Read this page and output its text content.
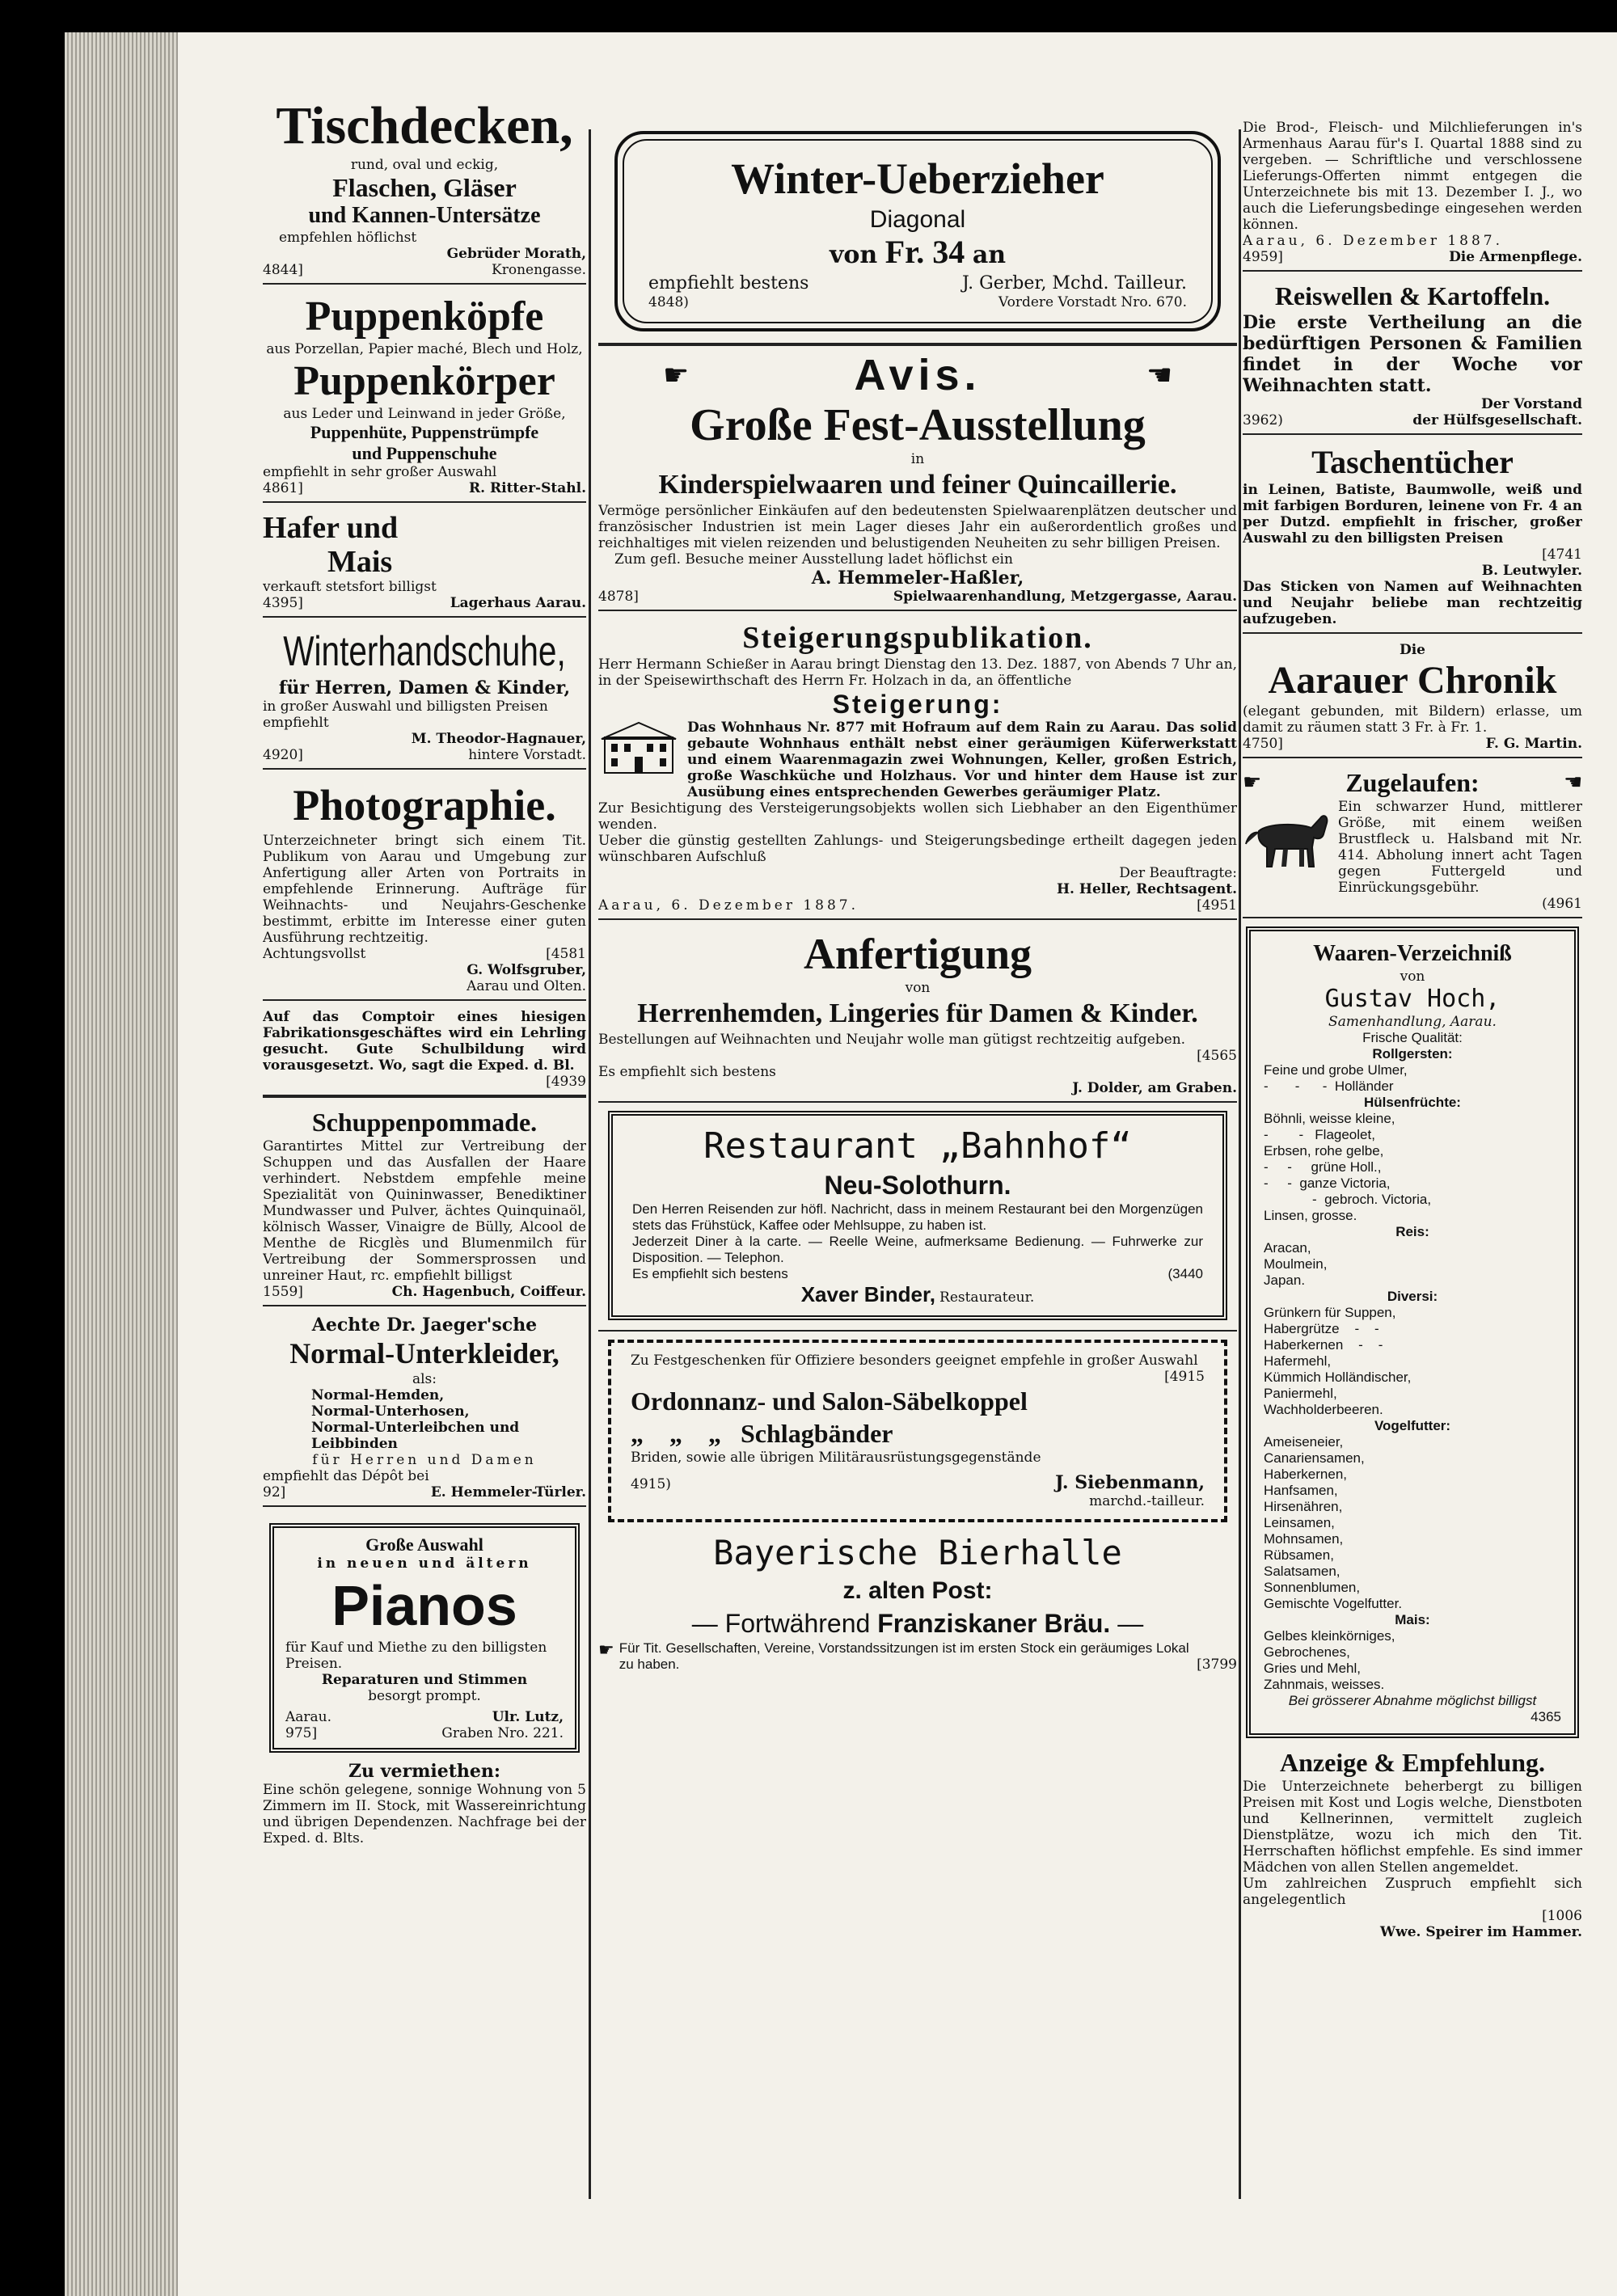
Tischdecken,
rund, oval und eckig,
Flaschen, Gläser
und Kannen-Untersätze
empfehlen höflichst
Gebrüder Morath,
4844]	Kronengasse.
Puppenköpfe
aus Porzellan, Papier maché, Blech und Holz,
Puppenkörper
aus Leder und Leinwand in jeder Größe,
Puppenhüte, Puppenstrümpfe
und Puppenschuhe
empfiehlt in sehr großer Auswahl
4861]	R. Ritter-Stahl.
Hafer und
Mais
verkauft stetsfort billigst
4395]	Lagerhaus Aarau.
Winterhandschuhe,
für Herren, Damen & Kinder,
in großer Auswahl und billigsten Preisen empfiehlt
M. Theodor-Hagnauer,
4920]	hintere Vorstadt.
Photographie.
Unterzeichneter bringt sich einem Tit. Publikum von Aarau und Umgebung zur Anfertigung aller Arten von Portraits in empfehlende Erinnerung. Aufträge für Weihnachts- und Neujahrs-Geschenke bestimmt, erbitte im Interesse einer guten Ausführung rechtzeitig.
Achtungsvollst	[4581
G. Wolfsgruber,
Aarau und Olten.
Auf das Comptoir eines hiesigen Fabrikationsgeschäftes wird ein Lehrling gesucht. Gute Schulbildung wird vorausgesetzt. Wo, sagt die Exped. d. Bl.
[4939
Schuppenpommade.
Garantirtes Mittel zur Vertreibung der Schuppen und das Ausfallen der Haare verhindert. Nebstdem empfehle meine Spezialität von Quininwasser, Benediktiner Mundwasser und Pulver, ächtes Quinquinaöl, kölnisch Wasser, Vinaigre de Bülly, Alcool de Menthe de Ricglès und Blumenmilch für Vertreibung der Sommersprossen und unreiner Haut, rc. empfiehlt billigst
1559]	Ch. Hagenbuch, Coiffeur.
Aechte Dr. Jaeger'sche
Normal-Unterkleider,
als:
Normal-Hemden,
Normal-Unterhosen,
Normal-Unterleibchen und
Leibbinden
für Herren und Damen
empfiehlt das Dépôt bei
92]	E. Hemmeler-Türler.
Große Auswahl
in neuen und ältern
Pianos
für Kauf und Miethe zu den billigsten Preisen.
Reparaturen und Stimmen
besorgt prompt.
Aarau.	Ulr. Lutz,
975]	Graben Nro. 221.
Zu vermiethen:
Eine schön gelegene, sonnige Wohnung von 5 Zimmern im II. Stock, mit Wassereinrichtung und übrigen Dependenzen. Nachfrage bei der Exped. d. Blts.
Winter-Ueberzieher
Diagonal
von Fr. 34 an
empfiehlt bestens	J. Gerber, Mchd. Tailleur.
4848)	Vordere Vorstadt Nro. 670.
☛	Avis.	☛
Große Fest-Ausstellung
in
Kinderspielwaaren und feiner Quincaillerie.
Vermöge persönlicher Einkäufen auf den bedeutensten Spielwaarenplätzen deutscher und französischer Industrien ist mein Lager dieses Jahr ein außerordentlich großes und reichhaltiges mit vielen reizenden und belustigenden Neuheiten zu sehr billigen Preisen.
Zum gefl. Besuche meiner Ausstellung ladet höflichst ein
A. Hemmeler-Haßler,
4878]	Spielwaarenhandlung, Metzgergasse, Aarau.
Steigerungspublikation.
Herr Hermann Schießer in Aarau bringt Dienstag den 13. Dez. 1887, von Abends 7 Uhr an, in der Speisewirthschaft des Herrn Fr. Holzach in da, an öffentliche
Steigerung:
Das Wohnhaus Nr. 877 mit Hofraum auf dem Rain zu Aarau. Das solid gebaute Wohnhaus enthält nebst einer geräumigen Küferwerkstatt und einem Waarenmagazin zwei Wohnungen, Keller, großen Estrich, große Waschküche und Holzhaus. Vor und hinter dem Hause ist zur Ausübung eines entsprechenden Gewerbes geräumiger Platz.
Zur Besichtigung des Versteigerungsobjekts wollen sich Liebhaber an den Eigenthümer wenden.
Ueber die günstig gestellten Zahlungs- und Steigerungsbedinge ertheilt dagegen jeden wünschbaren Aufschluß
Der Beauftragte:
H. Heller, Rechtsagent.
Aarau, 6. Dezember 1887.	[4951
Anfertigung
von
Herrenhemden, Lingeries für Damen & Kinder.
Bestellungen auf Weihnachten und Neujahr wolle man gütigst rechtzeitig aufgeben.
[4565
Es empfiehlt sich bestens
J. Dolder, am Graben.
Restaurant „Bahnhof“
Neu-Solothurn.
Den Herren Reisenden zur höfl. Nachricht, dass in meinem Restaurant bei den Morgenzügen stets das Frühstück, Kaffee oder Mehlsuppe, zu haben ist.
Jederzeit Diner à la carte. — Reelle Weine, aufmerksame Bedienung. — Fuhrwerke zur Disposition. — Telephon.
Es empfiehlt sich bestens	(3440
Xaver Binder, Restaurateur.
Zu Festgeschenken für Offiziere besonders geeignet empfehle in großer Auswahl
[4915
Ordonnanz- und Salon-Säbelkoppel
„    „    „   Schlagbänder
Briden, sowie alle übrigen Militärausrüstungsgegenstände
4915)	J. Siebenmann,
marchd.-tailleur.
Bayerische Bierhalle
z. alten Post:
— Fortwährend Franziskaner Bräu. —
☛ Für Tit. Gesellschaften, Vereine, Vorstandssitzungen ist im ersten Stock ein geräumiges Lokal zu haben.	[3799
Die Brod-, Fleisch- und Milchlieferungen in's Armenhaus Aarau für's I. Quartal 1888 sind zu vergeben. — Schriftliche und verschlossene Lieferungs-Offerten nimmt entgegen die Unterzeichnete bis mit 13. Dezember I. J., wo auch die Lieferungsbedinge eingesehen werden können.
Aarau, 6. Dezember 1887.
4959]	Die Armenpflege.
Reiswellen & Kartoffeln.
Die erste Vertheilung an die bedürftigen Personen & Familien findet in der Woche vor Weihnachten statt.
Der Vorstand
3962)	der Hülfsgesellschaft.
Taschentücher
in Leinen, Batiste, Baumwolle, weiß und mit farbigen Borduren, leinene von Fr. 4 an per Dutzd. empfiehlt in frischer, großer Auswahl zu den billigsten Preisen
[4741
B. Leutwyler.
Das Sticken von Namen auf Weihnachten und Neujahr beliebe man rechtzeitig aufzugeben.
Die
Aarauer Chronik
(elegant gebunden, mit Bildern) erlasse, um damit zu räumen statt 3 Fr. à Fr. 1.
4750]	F. G. Martin.
☛	Zugelaufen:	☛
Ein schwarzer Hund, mittlerer Größe, mit einem weißen Brustfleck u. Halsband mit Nr. 414. Abholung innert acht Tagen gegen Futtergeld und Einrückungsgebühr.
(4961
Waaren-Verzeichniß
von
Gustav Hoch,
Samenhandlung, Aarau.
Frische Qualität:
Rollgersten:
Feine und grobe Ulmer,
-       -      -  Holländer
Hülsenfrüchte:
Böhnli, weisse kleine,
-        -   Flageolet,
Erbsen, rohe gelbe,
-     -     grüne Holl.,
-     -  ganze Victoria,
-  gebroch. Victoria,
Linsen, grosse.
Reis:
Aracan,
Moulmein,
Japan.
Diversi:
Grünkern für Suppen,
Habergrütze    -    -
Haberkernen    -    -
Hafermehl,
Kümmich Holländischer,
Paniermehl,
Wachholderbeeren.
Vogelfutter:
Ameiseneier,
Canariensamen,
Haberkernen,
Hanfsamen,
Hirsenähren,
Leinsamen,
Mohnsamen,
Rübsamen,
Salatsamen,
Sonnenblumen,
Gemischte Vogelfutter.
Mais:
Gelbes kleinkörniges,
Gebrochenes,
Gries und Mehl,
Zahnmais, weisses.
Bei grösserer Abnahme möglichst billigst
4365
Anzeige & Empfehlung.
Die Unterzeichnete beherbergt zu billigen Preisen mit Kost und Logis welche, Dienstboten und Kellnerinnen, vermittelt zugleich Dienstplätze, wozu ich mich den Tit. Herrschaften höflichst empfehle. Es sind immer Mädchen von allen Stellen angemeldet.
Um zahlreichen Zuspruch empfiehlt sich angelegentlich
[1006
Wwe. Speirer im Hammer.
